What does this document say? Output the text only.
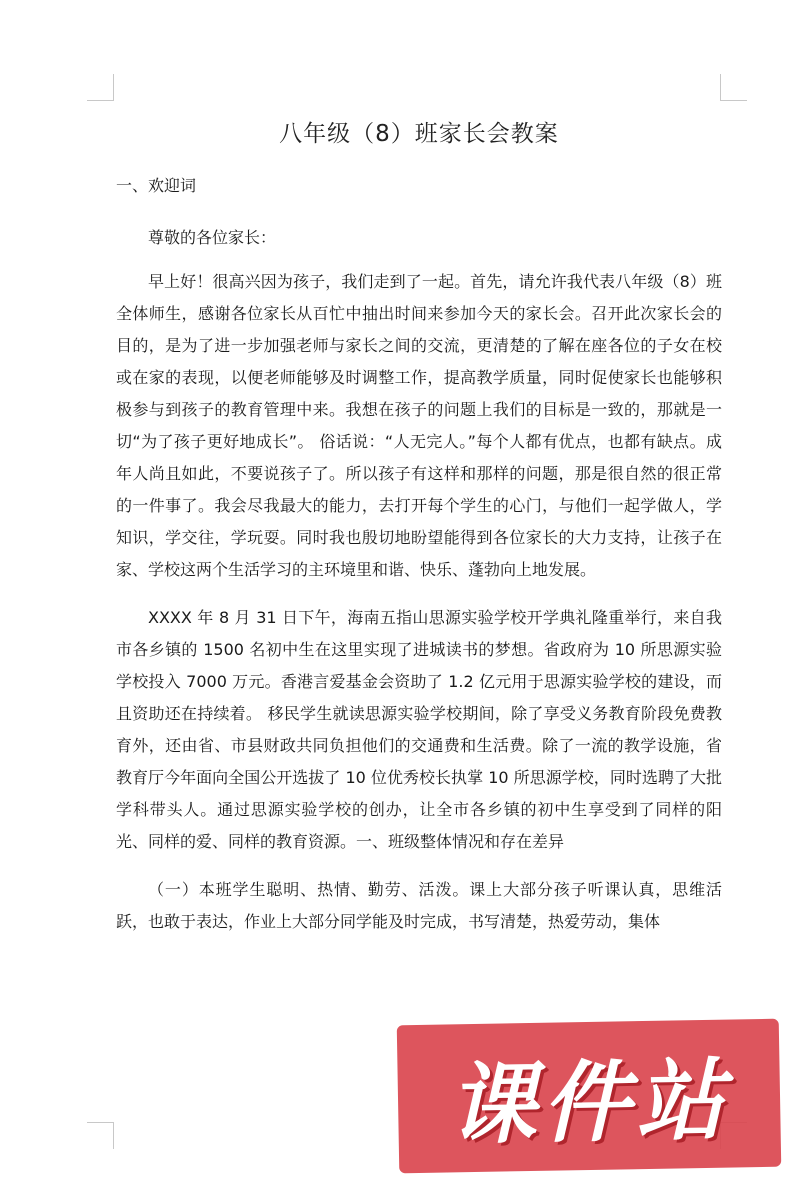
八年级（8）班家长会教案

一、欢迎词

尊敬的各位家长：

早上好！很高兴因为孩子，我们走到了一起。首先，请允许我代表八年级（8）班全体师生，感谢各位家长从百忙中抽出时间来参加今天的家长会。召开此次家长会的目的，是为了进一步加强老师与家长之间的交流，更清楚的了解在座各位的子女在校或在家的表现，以便老师能够及时调整工作，提高教学质量，同时促使家长也能够积极参与到孩子的教育管理中来。我想在孩子的问题上我们的目标是一致的，那就是一切“为了孩子更好地成长”。 俗话说：“人无完人。”每个人都有优点，也都有缺点。成年人尚且如此，不要说孩子了。所以孩子有这样和那样的问题，那是很自然的很正常的一件事了。我会尽我最大的能力，去打开每个学生的心门，与他们一起学做人，学知识，学交往，学玩耍。同时我也殷切地盼望能得到各位家长的大力支持，让孩子在家、学校这两个生活学习的主环境里和谐、快乐、蓬勃向上地发展。

XXXX 年 8 月 31 日下午，海南五指山思源实验学校开学典礼隆重举行，来自我市各乡镇的 1500 名初中生在这里实现了进城读书的梦想。省政府为 10 所思源实验学校投入 7000 万元。香港言爱基金会资助了 1.2 亿元用于思源实验学校的建设，而且资助还在持续着。 移民学生就读思源实验学校期间，除了享受义务教育阶段免费教育外，还由省、市县财政共同负担他们的交通费和生活费。除了一流的教学设施，省教育厅今年面向全国公开选拔了 10 位优秀校长执掌 10 所思源学校，同时选聘了大批学科带头人。通过思源实验学校的创办，让全市各乡镇的初中生享受到了同样的阳光、同样的爱、同样的教育资源。一、班级整体情况和存在差异

（一）本班学生聪明、热情、勤劳、活泼。课上大部分孩子听课认真，思维活跃，也敢于表达，作业上大部分同学能及时完成，书写清楚，热爱劳动，集体

课件站
